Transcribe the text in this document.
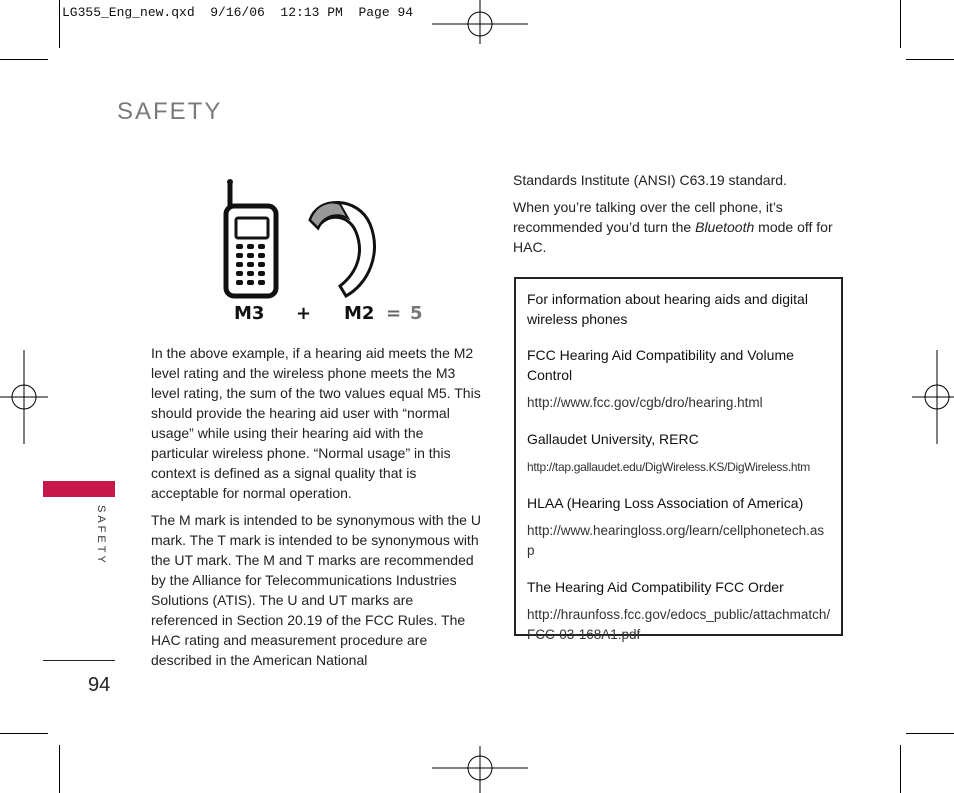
LG355_Eng_new.qxd  9/16/06  12:13 PM  Page 94
SAFETY
SAFETY
94
M3 + M2 = 5

In the above example, if a hearing aid meets the M2 level rating and the wireless phone meets the M3 level rating, the sum of the two values equal M5. This should provide the hearing aid user with “normal usage” while using their hearing aid with the particular wireless phone. “Normal usage” in this context is defined as a signal quality that is acceptable for normal operation.

The M mark is intended to be synonymous with the U mark. The T mark is intended to be synonymous with the UT mark. The M and T marks are recommended by the Alliance for Telecommunications Industries Solutions (ATIS). The U and UT marks are referenced in Section 20.19 of the FCC Rules. The HAC rating and measurement procedure are described in the American National

Standards Institute (ANSI) C63.19 standard.

When you’re talking over the cell phone, it’s recommended you’d turn the Bluetooth mode off for HAC.

For information about hearing aids and digital wireless phones
FCC Hearing Aid Compatibility and Volume Control
http://www.fcc.gov/cgb/dro/hearing.html
Gallaudet University, RERC
http://tap.gallaudet.edu/DigWireless.KS/DigWireless.htm
HLAA (Hearing Loss Association of America)
http://www.hearingloss.org/learn/cellphonetech.asp
The Hearing Aid Compatibility FCC Order
http://hraunfoss.fcc.gov/edocs_public/attachmatch/FCC-03-168A1.pdf
